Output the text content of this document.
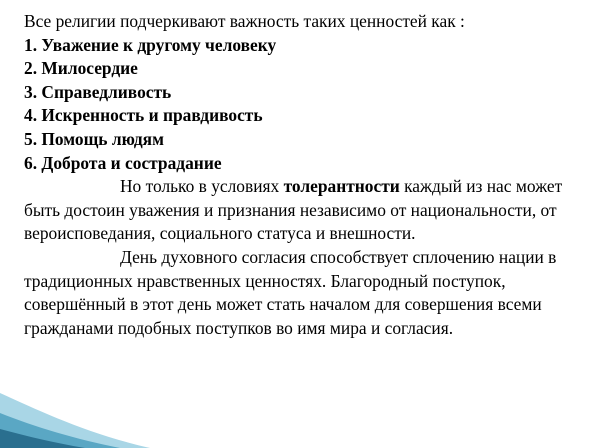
Все религии подчеркивают важность таких ценностей как :

1. Уважение к другому человеку
2. Милосердие
3. Справедливость
4. Искренность и правдивость
5. Помощь людям
6. Доброта и сострадание

Но только в условиях толерантности каждый из нас может быть достоин уважения и признания независимо от национальности, от вероисповедания, социального статуса и внешности.

День духовного согласия способствует сплочению нации в традиционных нравственных ценностях. Благородный поступок, совершённый в этот день может стать началом для совершения всеми гражданами подобных поступков во имя мира и согласия.
